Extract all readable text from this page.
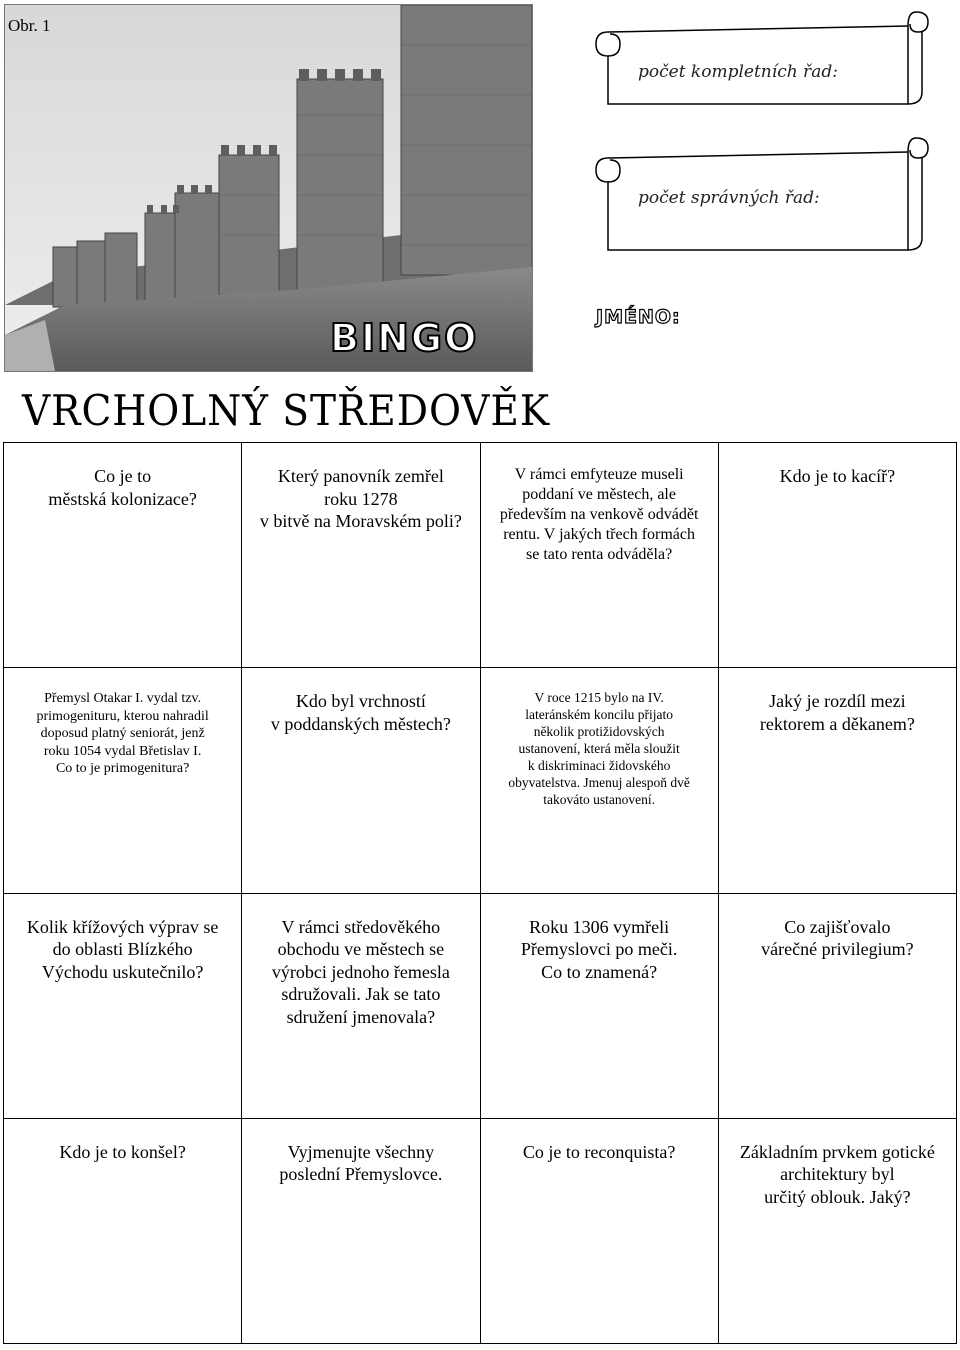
Obr. 1
BINGO
počet kompletních řad:
počet správných řad:
JMÉNO:
VRCHOLNÝ STŘEDOVĚK
Co je to
městská kolonizace?
Který panovník zemřel
roku 1278
v bitvě na Moravském poli?
V rámci emfyteuze museli
poddaní ve městech, ale
především na venkově odvádět
rentu. V jakých třech formách
se tato renta odváděla?
Kdo je to kacíř?
Přemysl Otakar I. vydal tzv.
primogenituru, kterou nahradil
doposud platný seniorát, jenž
roku 1054 vydal Břetislav I.
Co to je primogenitura?
Kdo byl vrchností
v poddanských městech?
V roce 1215 bylo na IV.
lateránském koncilu přijato
několik protižidovských
ustanovení, která měla sloužit
k diskriminaci židovského
obyvatelstva. Jmenuj alespoň dvě
takováto ustanovení.
Jaký je rozdíl mezi
rektorem a děkanem?
Kolik křížových výprav se
do oblasti Blízkého
Východu uskutečnilo?
V rámci středověkého
obchodu ve městech se
výrobci jednoho řemesla
sdružovali. Jak se tato
sdružení jmenovala?
Roku 1306 vymřeli
Přemyslovci po meči.
Co to znamená?
Co zajišťovalo
várečné privilegium?
Kdo je to konšel?	Vyjmenujte všechny
poslední Přemyslovce.
Co je to reconquista?	Základním prvkem gotické
architektury byl
určitý oblouk. Jaký?
